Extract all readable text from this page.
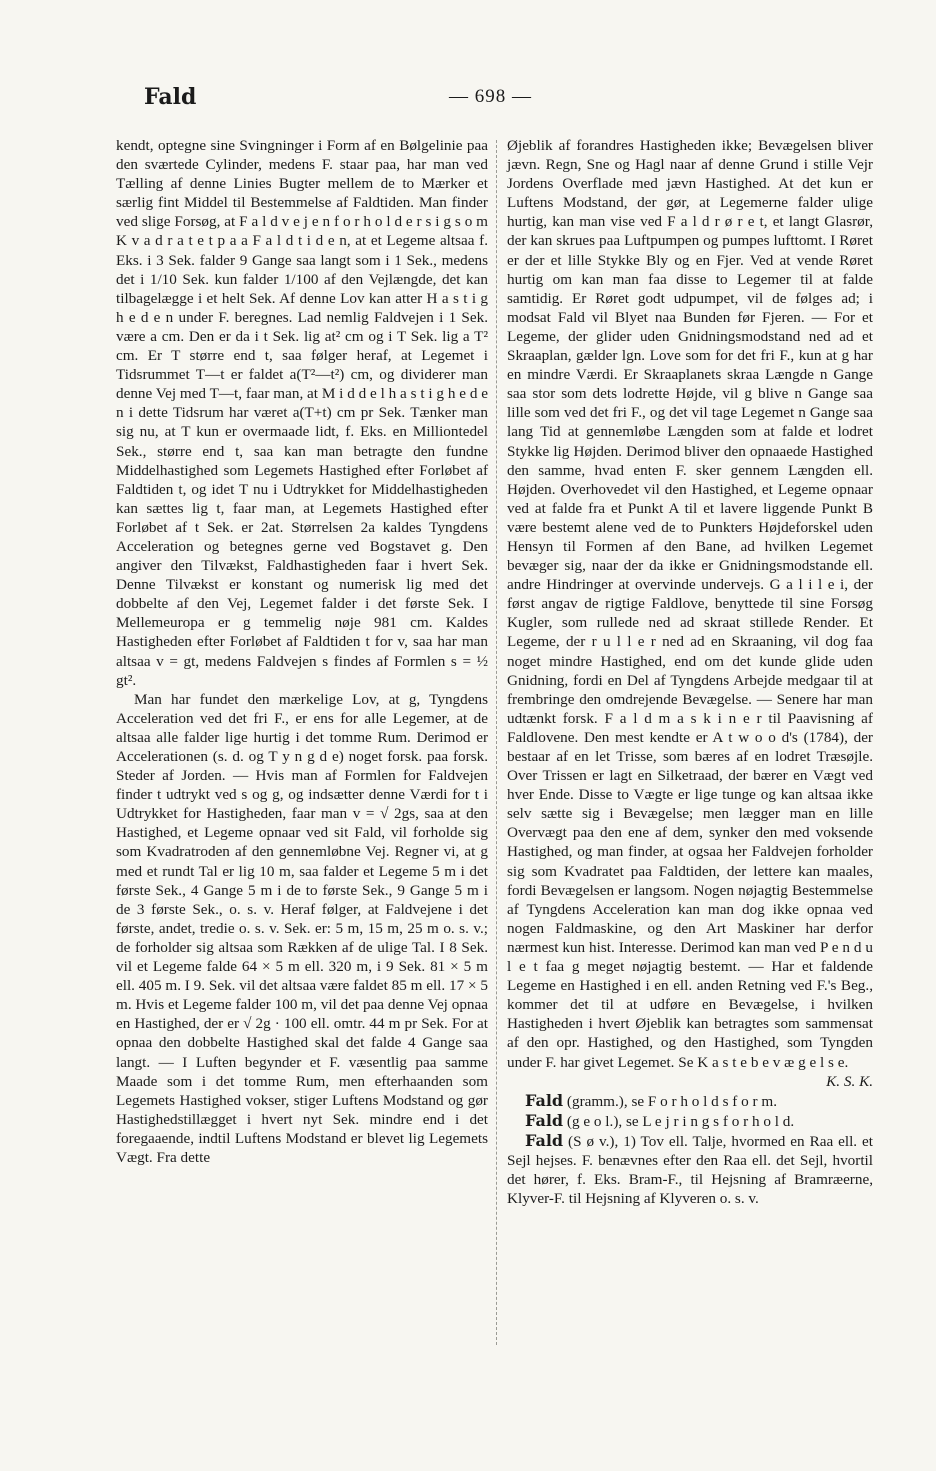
Fald	— 698 —

kendt, optegne sine Svingninger i Form af en Bølgelinie paa den sværtede Cylinder, medens F. staar paa, har man ved Tælling af denne Linies Bugter mellem de to Mærker et særlig fint Middel til Bestemmelse af Faldtiden. Man finder ved slige Forsøg, at F a l d v e j e n f o r h o l d e r s i g s o m K v a d r a t e t p a a F a l d t i d e n, at et Legeme altsaa f. Eks. i 3 Sek. falder 9 Gange saa langt som i 1 Sek., medens det i 1/10 Sek. kun falder 1/100 af den Vejlængde, det kan tilbagelægge i et helt Sek. Af denne Lov kan atter H a s t i g h e d e n under F. beregnes. Lad nemlig Faldvejen i 1 Sek. være a cm. Den er da i t Sek. lig at² cm og i T Sek. lig a T² cm. Er T større end t, saa følger heraf, at Legemet i Tidsrummet T—t er faldet a(T²—t²) cm, og dividerer man denne Vej med T—t, faar man, at M i d d e l h a s t i g h e d e n i dette Tidsrum har været a(T+t) cm pr Sek. Tænker man sig nu, at T kun er overmaade lidt, f. Eks. en Milliontedel Sek., større end t, saa kan man betragte den fundne Middelhastighed som Legemets Hastighed efter Forløbet af Faldtiden t, og idet T nu i Udtrykket for Middelhastigheden kan sættes lig t, faar man, at Legemets Hastighed efter Forløbet af t Sek. er 2at. Størrelsen 2a kaldes Tyngdens Acceleration og betegnes gerne ved Bogstavet g. Den angiver den Tilvækst, Faldhastigheden faar i hvert Sek. Denne Tilvækst er konstant og numerisk lig med det dobbelte af den Vej, Legemet falder i det første Sek. I Mellemeuropa er g temmelig nøje 981 cm. Kaldes Hastigheden efter Forløbet af Faldtiden t for v, saa har man altsaa v = gt, medens Faldvejen s findes af Formlen s = ½ gt².

Man har fundet den mærkelige Lov, at g, Tyngdens Acceleration ved det fri F., er ens for alle Legemer, at de altsaa alle falder lige hurtig i det tomme Rum. Derimod er Accelerationen (s. d. og T y n g d e) noget forsk. paa forsk. Steder af Jorden. — Hvis man af Formlen for Faldvejen finder t udtrykt ved s og g, og indsætter denne Værdi for t i Udtrykket for Hastigheden, faar man v = √ 2gs, saa at den Hastighed, et Legeme opnaar ved sit Fald, vil forholde sig som Kvadratroden af den gennemløbne Vej. Regner vi, at g med et rundt Tal er lig 10 m, saa falder et Legeme 5 m i det første Sek., 4 Gange 5 m i de to første Sek., 9 Gange 5 m i de 3 første Sek., o. s. v. Heraf følger, at Faldvejene i det første, andet, tredie o. s. v. Sek. er: 5 m, 15 m, 25 m o. s. v.; de forholder sig altsaa som Rækken af de ulige Tal. I 8 Sek. vil et Legeme falde 64 × 5 m ell. 320 m, i 9 Sek. 81 × 5 m ell. 405 m. I 9. Sek. vil det altsaa være faldet 85 m ell. 17 × 5 m. Hvis et Legeme falder 100 m, vil det paa denne Vej opnaa en Hastighed, der er √ 2g · 100 ell. omtr. 44 m pr Sek. For at opnaa den dobbelte Hastighed skal det falde 4 Gange saa langt. — I Luften begynder et F. væsentlig paa samme Maade som i det tomme Rum, men efterhaanden som Legemets Hastighed vokser, stiger Luftens Modstand og gør Hastighedstillægget i hvert nyt Sek. mindre end i det foregaaende, indtil Luftens Modstand er blevet lig Legemets Vægt. Fra dette

Øjeblik af forandres Hastigheden ikke; Bevægelsen bliver jævn. Regn, Sne og Hagl naar af denne Grund i stille Vejr Jordens Overflade med jævn Hastighed. At det kun er Luftens Modstand, der gør, at Legemerne falder ulige hurtig, kan man vise ved F a l d r ø r e t, et langt Glasrør, der kan skrues paa Luftpumpen og pumpes lufttomt. I Røret er der et lille Stykke Bly og en Fjer. Ved at vende Røret hurtig om kan man faa disse to Legemer til at falde samtidig. Er Røret godt udpumpet, vil de følges ad; i modsat Fald vil Blyet naa Bunden før Fjeren. — For et Legeme, der glider uden Gnidningsmodstand ned ad et Skraaplan, gælder lgn. Love som for det fri F., kun at g har en mindre Værdi. Er Skraaplanets skraa Længde n Gange saa stor som dets lodrette Højde, vil g blive n Gange saa lille som ved det fri F., og det vil tage Legemet n Gange saa lang Tid at gennemløbe Længden som at falde et lodret Stykke lig Højden. Derimod bliver den opnaaede Hastighed den samme, hvad enten F. sker gennem Længden ell. Højden. Overhovedet vil den Hastighed, et Legeme opnaar ved at falde fra et Punkt A til et lavere liggende Punkt B være bestemt alene ved de to Punkters Højdeforskel uden Hensyn til Formen af den Bane, ad hvilken Legemet bevæger sig, naar der da ikke er Gnidningsmodstande ell. andre Hindringer at overvinde undervejs. G a l i l e i, der først angav de rigtige Faldlove, benyttede til sine Forsøg Kugler, som rullede ned ad skraat stillede Render. Et Legeme, der r u l l e r ned ad en Skraaning, vil dog faa noget mindre Hastighed, end om det kunde glide uden Gnidning, fordi en Del af Tyngdens Arbejde medgaar til at frembringe den omdrejende Bevægelse. — Senere har man udtænkt forsk. F a l d m a s k i n e r til Paavisning af Faldlovene. Den mest kendte er A t w o o d's (1784), der bestaar af en let Trisse, som bæres af en lodret Træsøjle. Over Trissen er lagt en Silketraad, der bærer en Vægt ved hver Ende. Disse to Vægte er lige tunge og kan altsaa ikke selv sætte sig i Bevægelse; men lægger man en lille Overvægt paa den ene af dem, synker den med voksende Hastighed, og man finder, at ogsaa her Faldvejen forholder sig som Kvadratet paa Faldtiden, der lettere kan maales, fordi Bevægelsen er langsom. Nogen nøjagtig Bestemmelse af Tyngdens Acceleration kan man dog ikke opnaa ved nogen Faldmaskine, og den Art Maskiner har derfor nærmest kun hist. Interesse. Derimod kan man ved P e n d u l e t faa g meget nøjagtig bestemt. — Har et faldende Legeme en Hastighed i en ell. anden Retning ved F.'s Beg., kommer det til at udføre en Bevægelse, i hvilken Hastigheden i hvert Øjeblik kan betragtes som sammensat af den opr. Hastighed, og den Hastighed, som Tyngden under F. har givet Legemet. Se K a s t e b e v æ g e l s e.

K. S. K.

Fald (gramm.), se F o r h o l d s f o r m.

Fald (g e o l.), se L e j r i n g s f o r h o l d.

Fald (S ø v.), 1) Tov ell. Talje, hvormed en Raa ell. et Sejl hejses. F. benævnes efter den Raa ell. det Sejl, hvortil det hører, f. Eks. Bram-F., til Hejsning af Bramræerne, Klyver-F. til Hejsning af Klyveren o. s. v.
